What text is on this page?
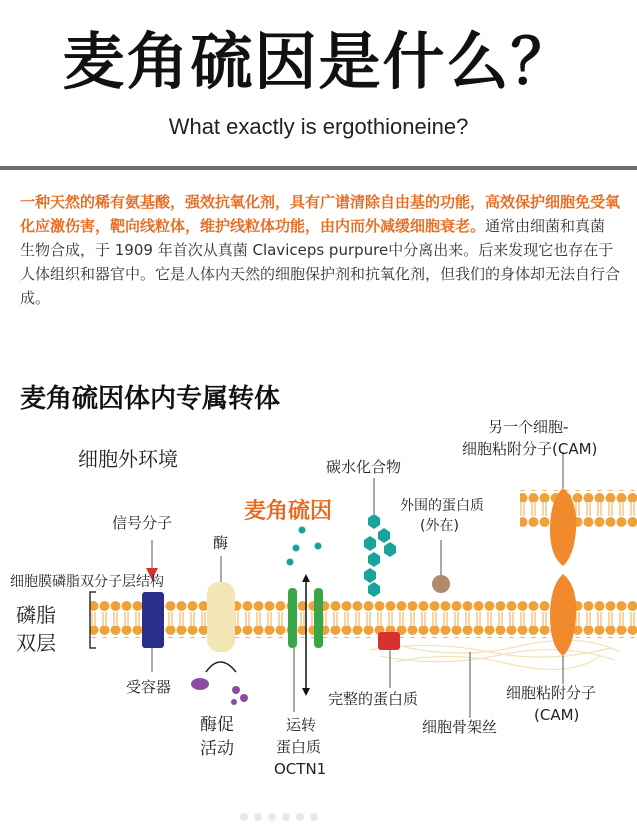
麦角硫因是什么？
What exactly is ergothioneine?
一种天然的稀有氨基酸，强效抗氧化剂，具有广谱清除自由基的功能，高效保护细胞免受氧化应激伤害，靶向线粒体，维护线粒体功能，由内而外减缓细胞衰老。通常由细菌和真菌生物合成，于 1909 年首次从真菌 Claviceps purpure中分离出来。后来发现它也存在于人体组织和器官中。它是人体内天然的细胞保护剂和抗氧化剂，但我们的身体却无法自行合成。
麦角硫因体内专属转体
细胞外环境
麦角硫因
信号分子
酶
碳水化合物
外围的蛋白质
(外在)
另一个细胞-
细胞粘附分子(CAM)
细胞膜磷脂双分子层结构
磷脂
双层
受容器
酶促
活动
运转
蛋白质
OCTN1
完整的蛋白质
细胞骨架丝
细胞粘附分子
(CAM)
